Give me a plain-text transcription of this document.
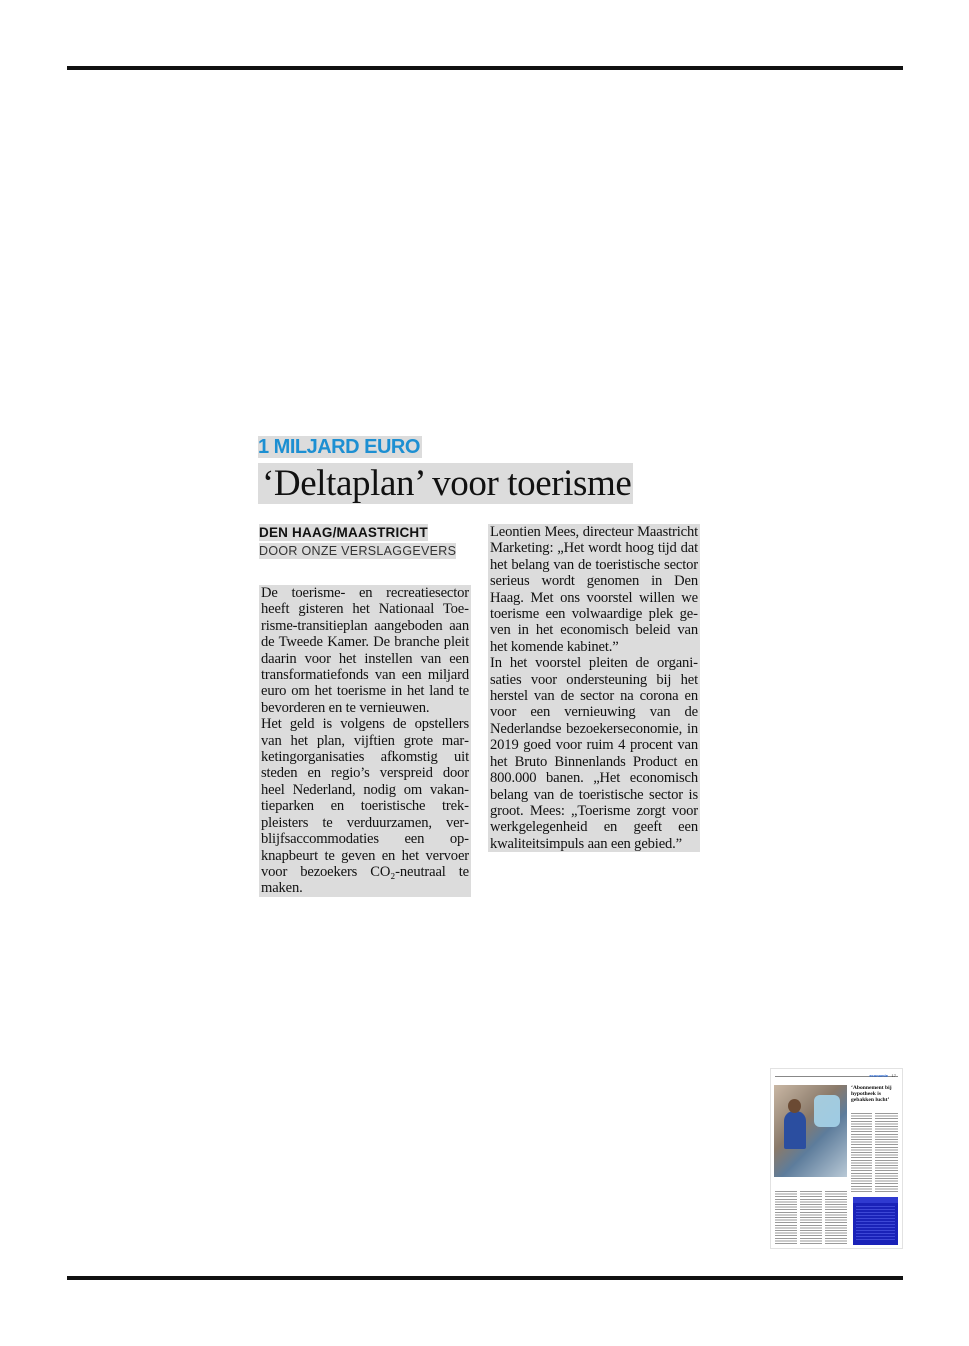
1 MILJARD EURO

‘Deltaplan’ voor toerisme
DEN HAAG/MAASTRICHT
DOOR ONZE VERSLAGGEVERS

De toerisme- en recreatiesector heeft gisteren het Nationaal Toerisme-transitieplan aangeboden aan de Tweede Kamer. De branche pleit daarin voor het instellen van een transformatiefonds van een miljard euro om het toerisme in het land te bevorderen en te vernieuwen.

Het geld is volgens de opstellers van het plan, vijftien grote marketingorganisaties afkomstig uit steden en regio’s verspreid door heel Nederland, nodig om vakantieparken en toeristische trekpleisters te verduurzamen, verblijfsaccommodaties een opknapbeurt te geven en het vervoer voor bezoekers CO₂-neutraal te maken.

Leontien Mees, directeur Maastricht Marketing: „Het wordt hoog tijd dat het belang van de toeristische sector serieus wordt genomen in Den Haag. Met ons voorstel willen we toerisme een volwaardige plek geven in het economisch beleid van het komende kabinet.”

In het voorstel pleiten de organisaties voor ondersteuning bij het herstel van de sector na corona en voor een vernieuwing van de Nederlandse bezoekerseconomie, in 2019 goed voor ruim 4 procent van het Bruto Binnenlands Product en 800.000 banen. „Het economisch belang van de toeristische sector is groot. Mees: „Toerisme zorgt voor werkgelegenheid en geeft een kwaliteitsimpuls aan een gebied.”

economie 17
‘Abonnement bij hypotheek is gebakken lucht’
